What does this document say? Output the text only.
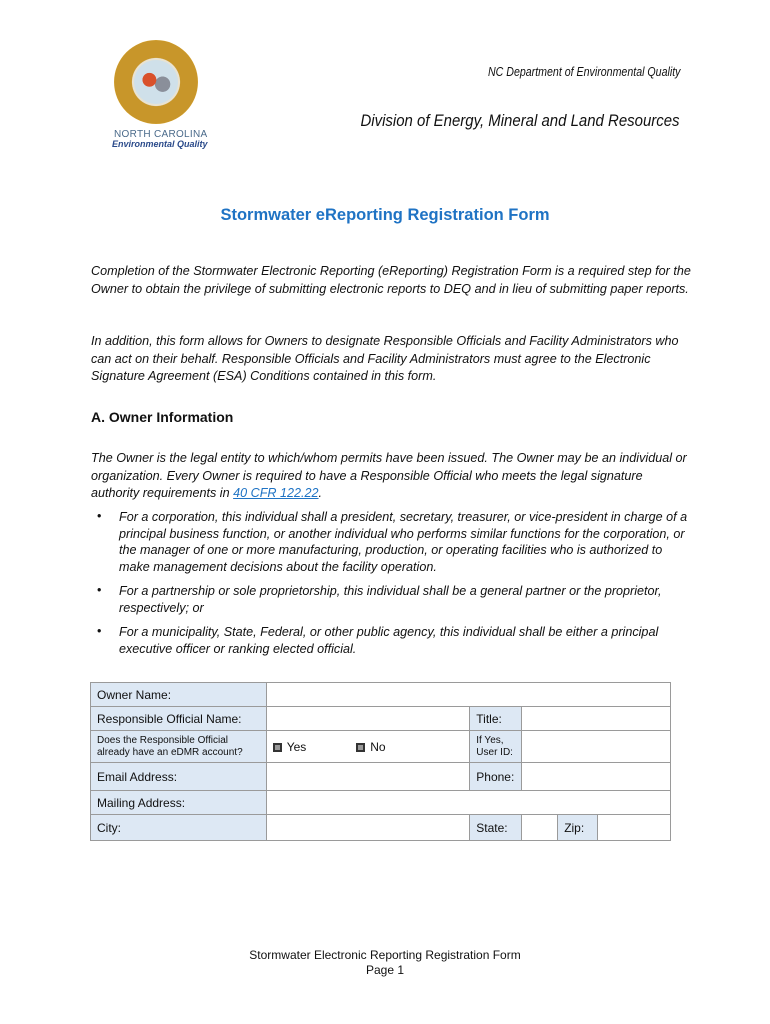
NORTH CAROLINA
Environmental Quality
NC Department of Environmental Quality
Division of Energy, Mineral and Land Resources
Stormwater eReporting Registration Form
Completion of the Stormwater Electronic Reporting (eReporting) Registration Form is a required step for the Owner to obtain the privilege of submitting electronic reports to DEQ and in lieu of submitting paper reports.
In addition, this form allows for Owners to designate Responsible Officials and Facility Administrators who can act on their behalf. Responsible Officials and Facility Administrators must agree to the Electronic Signature Agreement (ESA) Conditions contained in this form.
A. Owner Information
The Owner is the legal entity to which/whom permits have been issued. The Owner may be an individual or organization. Every Owner is required to have a Responsible Official who meets the legal signature authority requirements in 40 CFR 122.22.
• For a corporation, this individual shall a president, secretary, treasurer, or vice-president in charge of a principal business function, or another individual who performs similar functions for the corporation, or the manager of one or more manufacturing, production, or operating facilities who is authorized to make management decisions about the facility operation.
• For a partnership or sole proprietorship, this individual shall be a general partner or the proprietor, respectively; or
• For a municipality, State, Federal, or other public agency, this individual shall be either a principal executive officer or ranking elected official.
Owner Name:					
Responsible Official Name:		Title:			
Does the Responsible Official already have an eDMR account?	Yes No	If Yes, User ID:			
Email Address:		Phone:			
Mailing Address:					
City:		State:		Zip:	
Stormwater Electronic Reporting Registration Form
Page 1
